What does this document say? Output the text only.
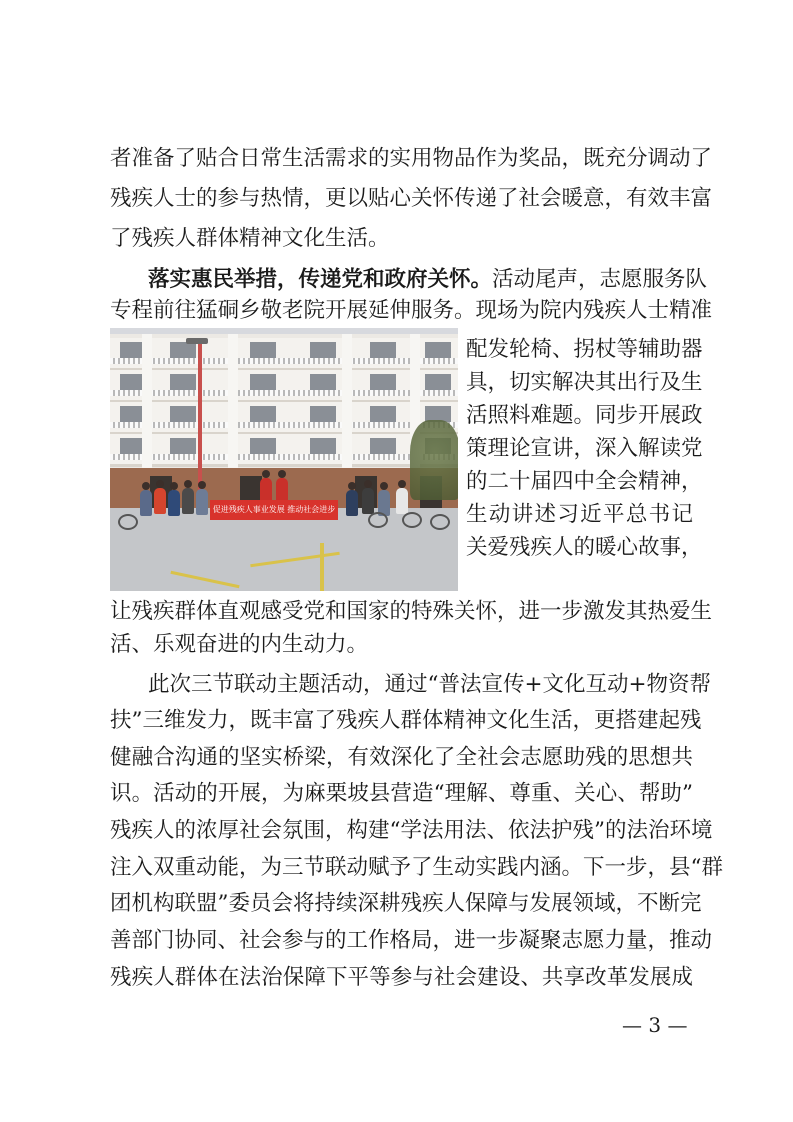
者准备了贴合日常生活需求的实用物品作为奖品，既充分调动了
残疾人士的参与热情，更以贴心关怀传递了社会暖意，有效丰富
了残疾人群体精神文化生活。
落实惠民举措，传递党和政府关怀。活动尾声，志愿服务队
专程前往猛硐乡敬老院开展延伸服务。现场为院内残疾人士精准
配发轮椅、拐杖等辅助器
具，切实解决其出行及生
活照料难题。同步开展政
策理论宣讲，深入解读党
的二十届四中全会精神，
生动讲述习近平总书记
关爱残疾人的暖心故事，
促进残疾人事业发展 推动社会进步
让残疾群体直观感受党和国家的特殊关怀，进一步激发其热爱生
活、乐观奋进的内生动力。
此次三节联动主题活动，通过“普法宣传+文化互动+物资帮
扶”三维发力，既丰富了残疾人群体精神文化生活，更搭建起残
健融合沟通的坚实桥梁，有效深化了全社会志愿助残的思想共
识。活动的开展，为麻栗坡县营造“理解、尊重、关心、帮助”
残疾人的浓厚社会氛围，构建“学法用法、依法护残”的法治环境
注入双重动能，为三节联动赋予了生动实践内涵。下一步，县“群
团机构联盟”委员会将持续深耕残疾人保障与发展领域，不断完
善部门协同、社会参与的工作格局，进一步凝聚志愿力量，推动
残疾人群体在法治保障下平等参与社会建设、共享改革发展成
— 3 —
